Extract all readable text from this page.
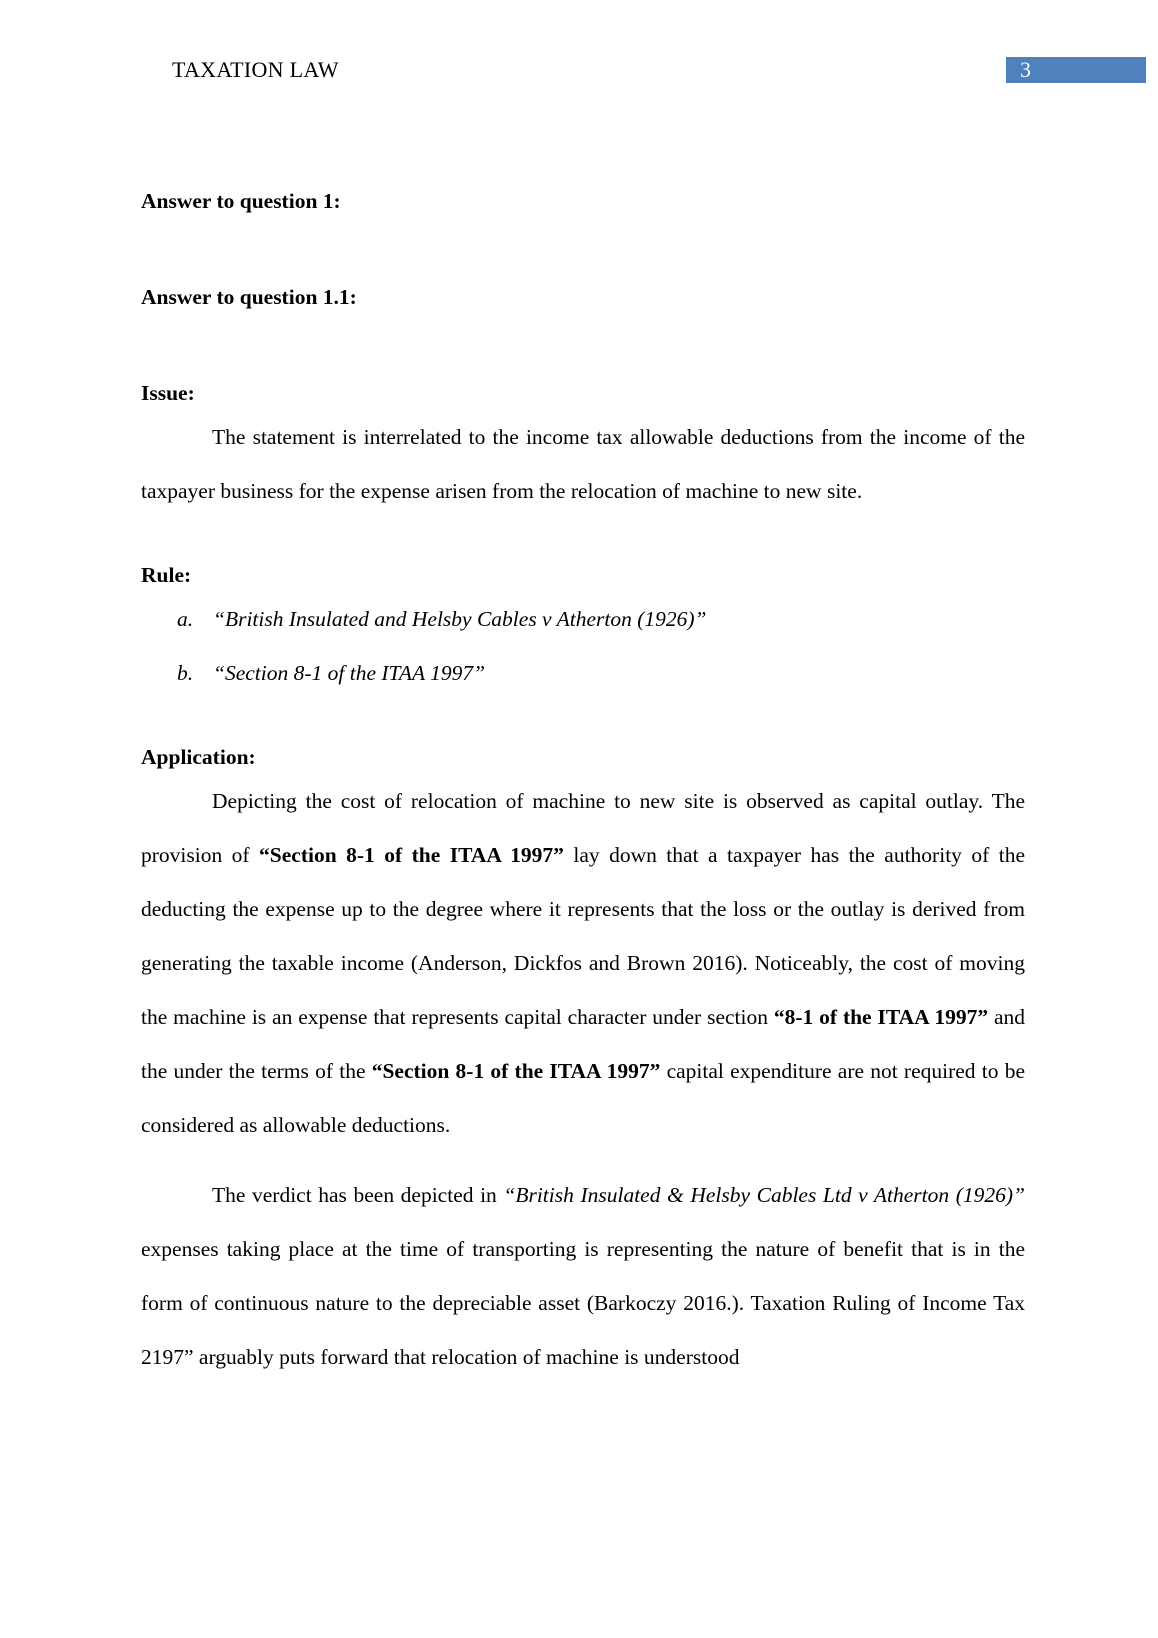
TAXATION LAW	3

Answer to question 1:

Answer to question 1.1:

Issue:

The statement is interrelated to the income tax allowable deductions from the income of the taxpayer business for the expense arisen from the relocation of machine to new site.

Rule:

a. “British Insulated and Helsby Cables v Atherton (1926)”
b. “Section 8-1 of the ITAA 1997”

Application:

Depicting the cost of relocation of machine to new site is observed as capital outlay. The provision of “Section 8-1 of the ITAA 1997” lay down that a taxpayer has the authority of the deducting the expense up to the degree where it represents that the loss or the outlay is derived from generating the taxable income (Anderson, Dickfos and Brown 2016). Noticeably, the cost of moving the machine is an expense that represents capital character under section “8-1 of the ITAA 1997” and the under the terms of the “Section 8-1 of the ITAA 1997” capital expenditure are not required to be considered as allowable deductions.

The verdict has been depicted in “British Insulated & Helsby Cables Ltd v Atherton (1926)” expenses taking place at the time of transporting is representing the nature of benefit that is in the form of continuous nature to the depreciable asset (Barkoczy 2016.). Taxation Ruling of Income Tax 2197” arguably puts forward that relocation of machine is understood
